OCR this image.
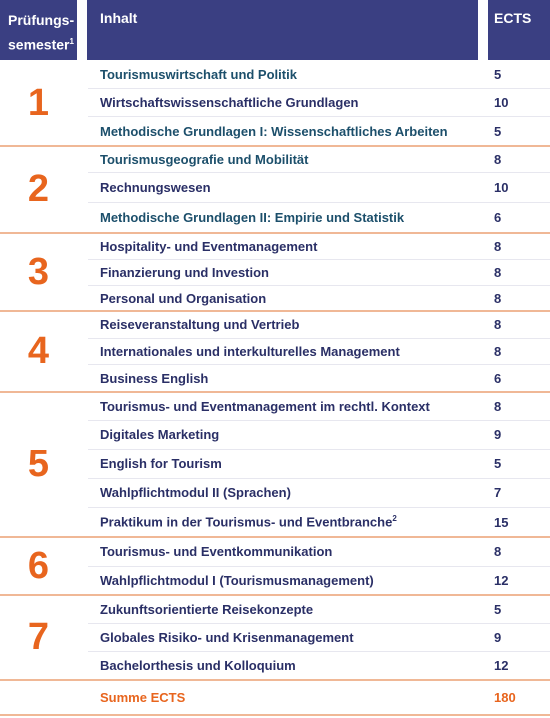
Prüfungs-
semester$^1$
Inhalt	ECTS
1
Tourismuswirtschaft und Politik	5
Wirtschaftswissenschaftliche Grundlagen	10
Methodische Grundlagen I: Wissenschaftliches Arbeiten	5
2
Tourismusgeografie und Mobilität	8
Rechnungswesen	10
Methodische Grundlagen II: Empirie und Statistik	6
3
Hospitality- und Eventmanagement	8
Finanzierung und Investion	8
Personal und Organisation	8
4
Reiseveranstaltung und Vertrieb	8
Internationales und interkulturelles Management	8
Business English	6
5
Tourismus- und Eventmanagement im rechtl. Kontext	8
Digitales Marketing	9
English for Tourism	5
Wahlpflichtmodul II (Sprachen)	7
Praktikum in der Tourismus- und Eventbranche$^2$	15
6	Tourismus- und Eventkommunikation	8
Wahlpflichtmodul I (Tourismusmanagement)	12
7
Zukunftsorientierte Reisekonzepte	5
Globales Risiko- und Krisenmanagement	9
Bachelorthesis und Kolloquium	12
Summe ECTS	180
